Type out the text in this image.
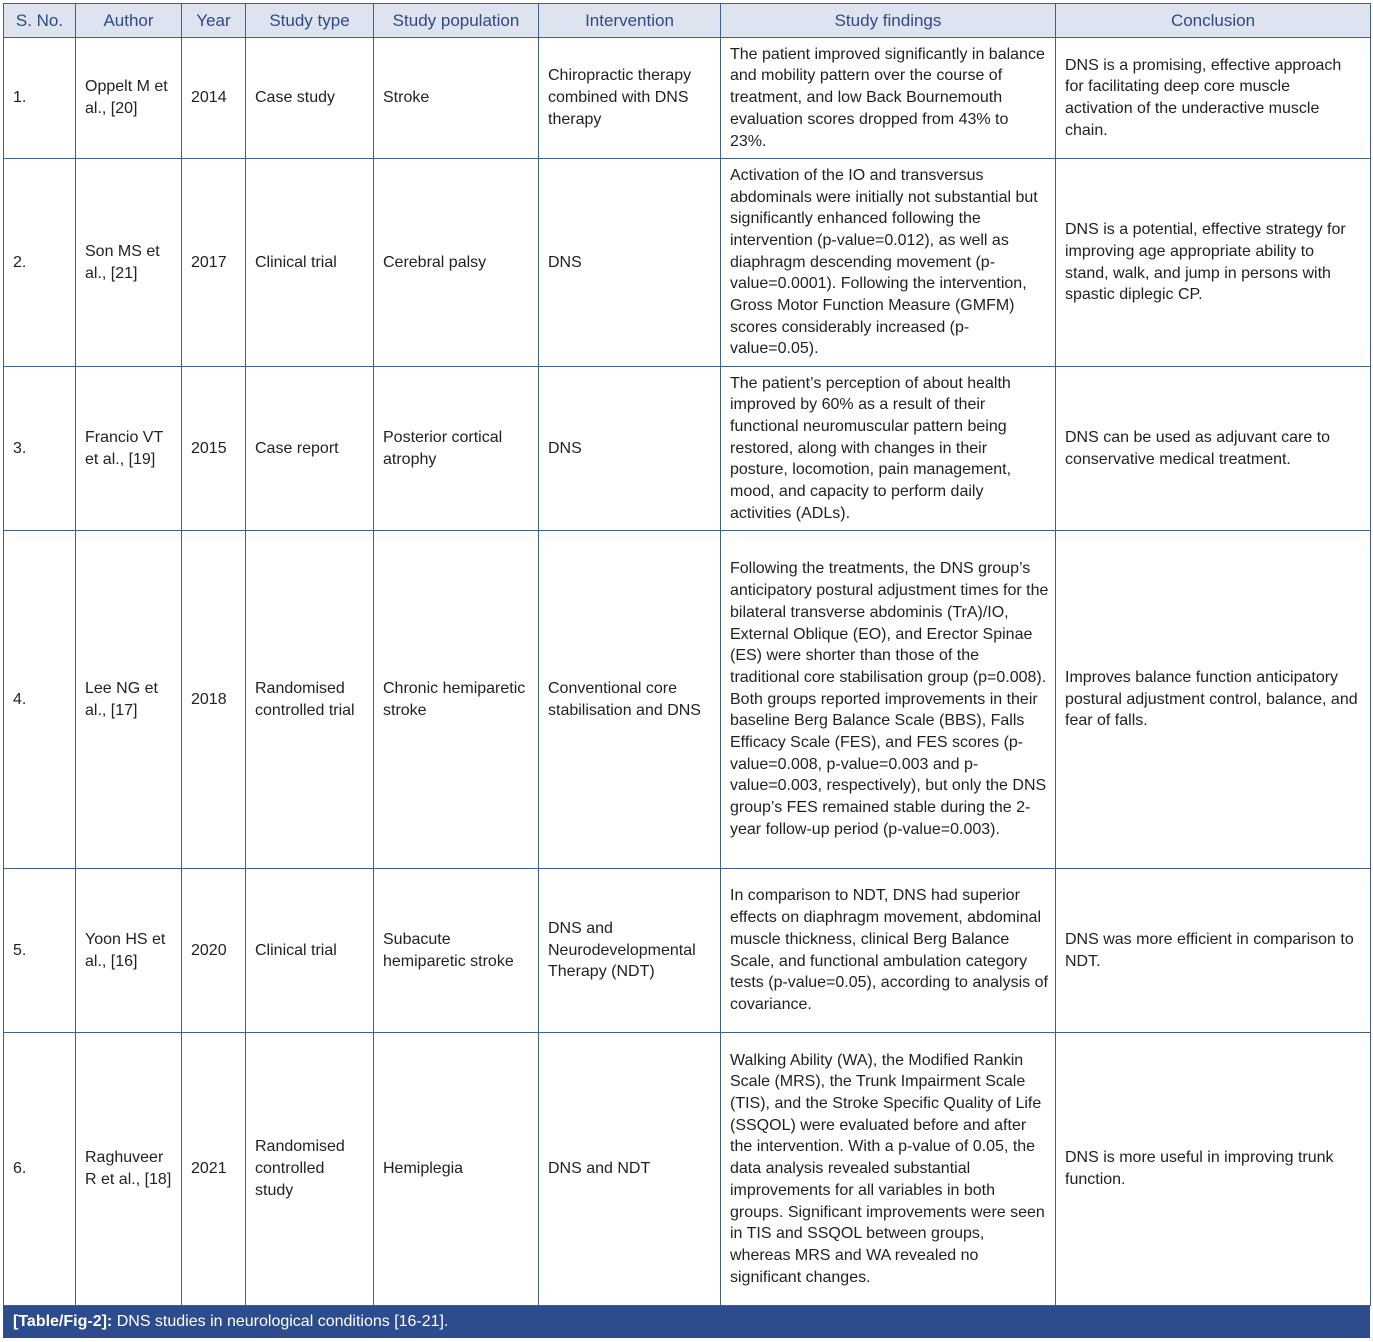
S. No.	Author	Year	Study type	Study population	Intervention	Study findings	Conclusion
1.	Oppelt M et al., [20]	2014	Case study	Stroke	Chiropractic therapy combined with DNS therapy	The patient improved significantly in balance and mobility pattern over the course of treatment, and low Back Bournemouth evaluation scores dropped from 43% to 23%.	DNS is a promising, effective approach for facilitating deep core muscle activation of the underactive muscle chain.
2.	Son MS et al., [21]	2017	Clinical trial	Cerebral palsy	DNS	Activation of the IO and transversus abdominals were initially not substantial but significantly enhanced following the intervention (p-value=0.012), as well as diaphragm descending movement (p-value=0.0001). Following the intervention, Gross Motor Function Measure (GMFM) scores considerably increased (p-value=0.05).	DNS is a potential, effective strategy for improving age appropriate ability to stand, walk, and jump in persons with spastic diplegic CP.
3.	Francio VT et al., [19]	2015	Case report	Posterior cortical atrophy	DNS	The patient’s perception of about health improved by 60% as a result of their functional neuromuscular pattern being restored, along with changes in their posture, locomotion, pain management, mood, and capacity to perform daily activities (ADLs).	DNS can be used as adjuvant care to conservative medical treatment.
4.	Lee NG et al., [17]	2018	Randomised controlled trial	Chronic hemiparetic stroke	Conventional core stabilisation and DNS	Following the treatments, the DNS group’s anticipatory postural adjustment times for the bilateral transverse abdominis (TrA)/IO, External Oblique (EO), and Erector Spinae (ES) were shorter than those of the traditional core stabilisation group (p=0.008). Both groups reported improvements in their baseline Berg Balance Scale (BBS), Falls Efficacy Scale (FES), and FES scores (p-value=0.008, p-value=0.003 and p-value=0.003, respectively), but only the DNS group’s FES remained stable during the 2-year follow-up period (p-value=0.003).	Improves balance function anticipatory postural adjustment control, balance, and fear of falls.
5.	Yoon HS et al., [16]	2020	Clinical trial	Subacute hemiparetic stroke	DNS and Neurodevelopmental Therapy (NDT)	In comparison to NDT, DNS had superior effects on diaphragm movement, abdominal muscle thickness, clinical Berg Balance Scale, and functional ambulation category tests (p-value=0.05), according to analysis of covariance.	DNS was more efficient in comparison to NDT.
6.	Raghuveer R et al., [18]	2021	Randomised controlled study	Hemiplegia	DNS and NDT	Walking Ability (WA), the Modified Rankin Scale (MRS), the Trunk Impairment Scale (TIS), and the Stroke Specific Quality of Life (SSQOL) were evaluated before and after the intervention. With a p-value of 0.05, the data analysis revealed substantial improvements for all variables in both groups. Significant improvements were seen in TIS and SSQOL between groups, whereas MRS and WA revealed no significant changes.	DNS is more useful in improving trunk function.
[Table/Fig-2]: DNS studies in neurological conditions [16-21].
